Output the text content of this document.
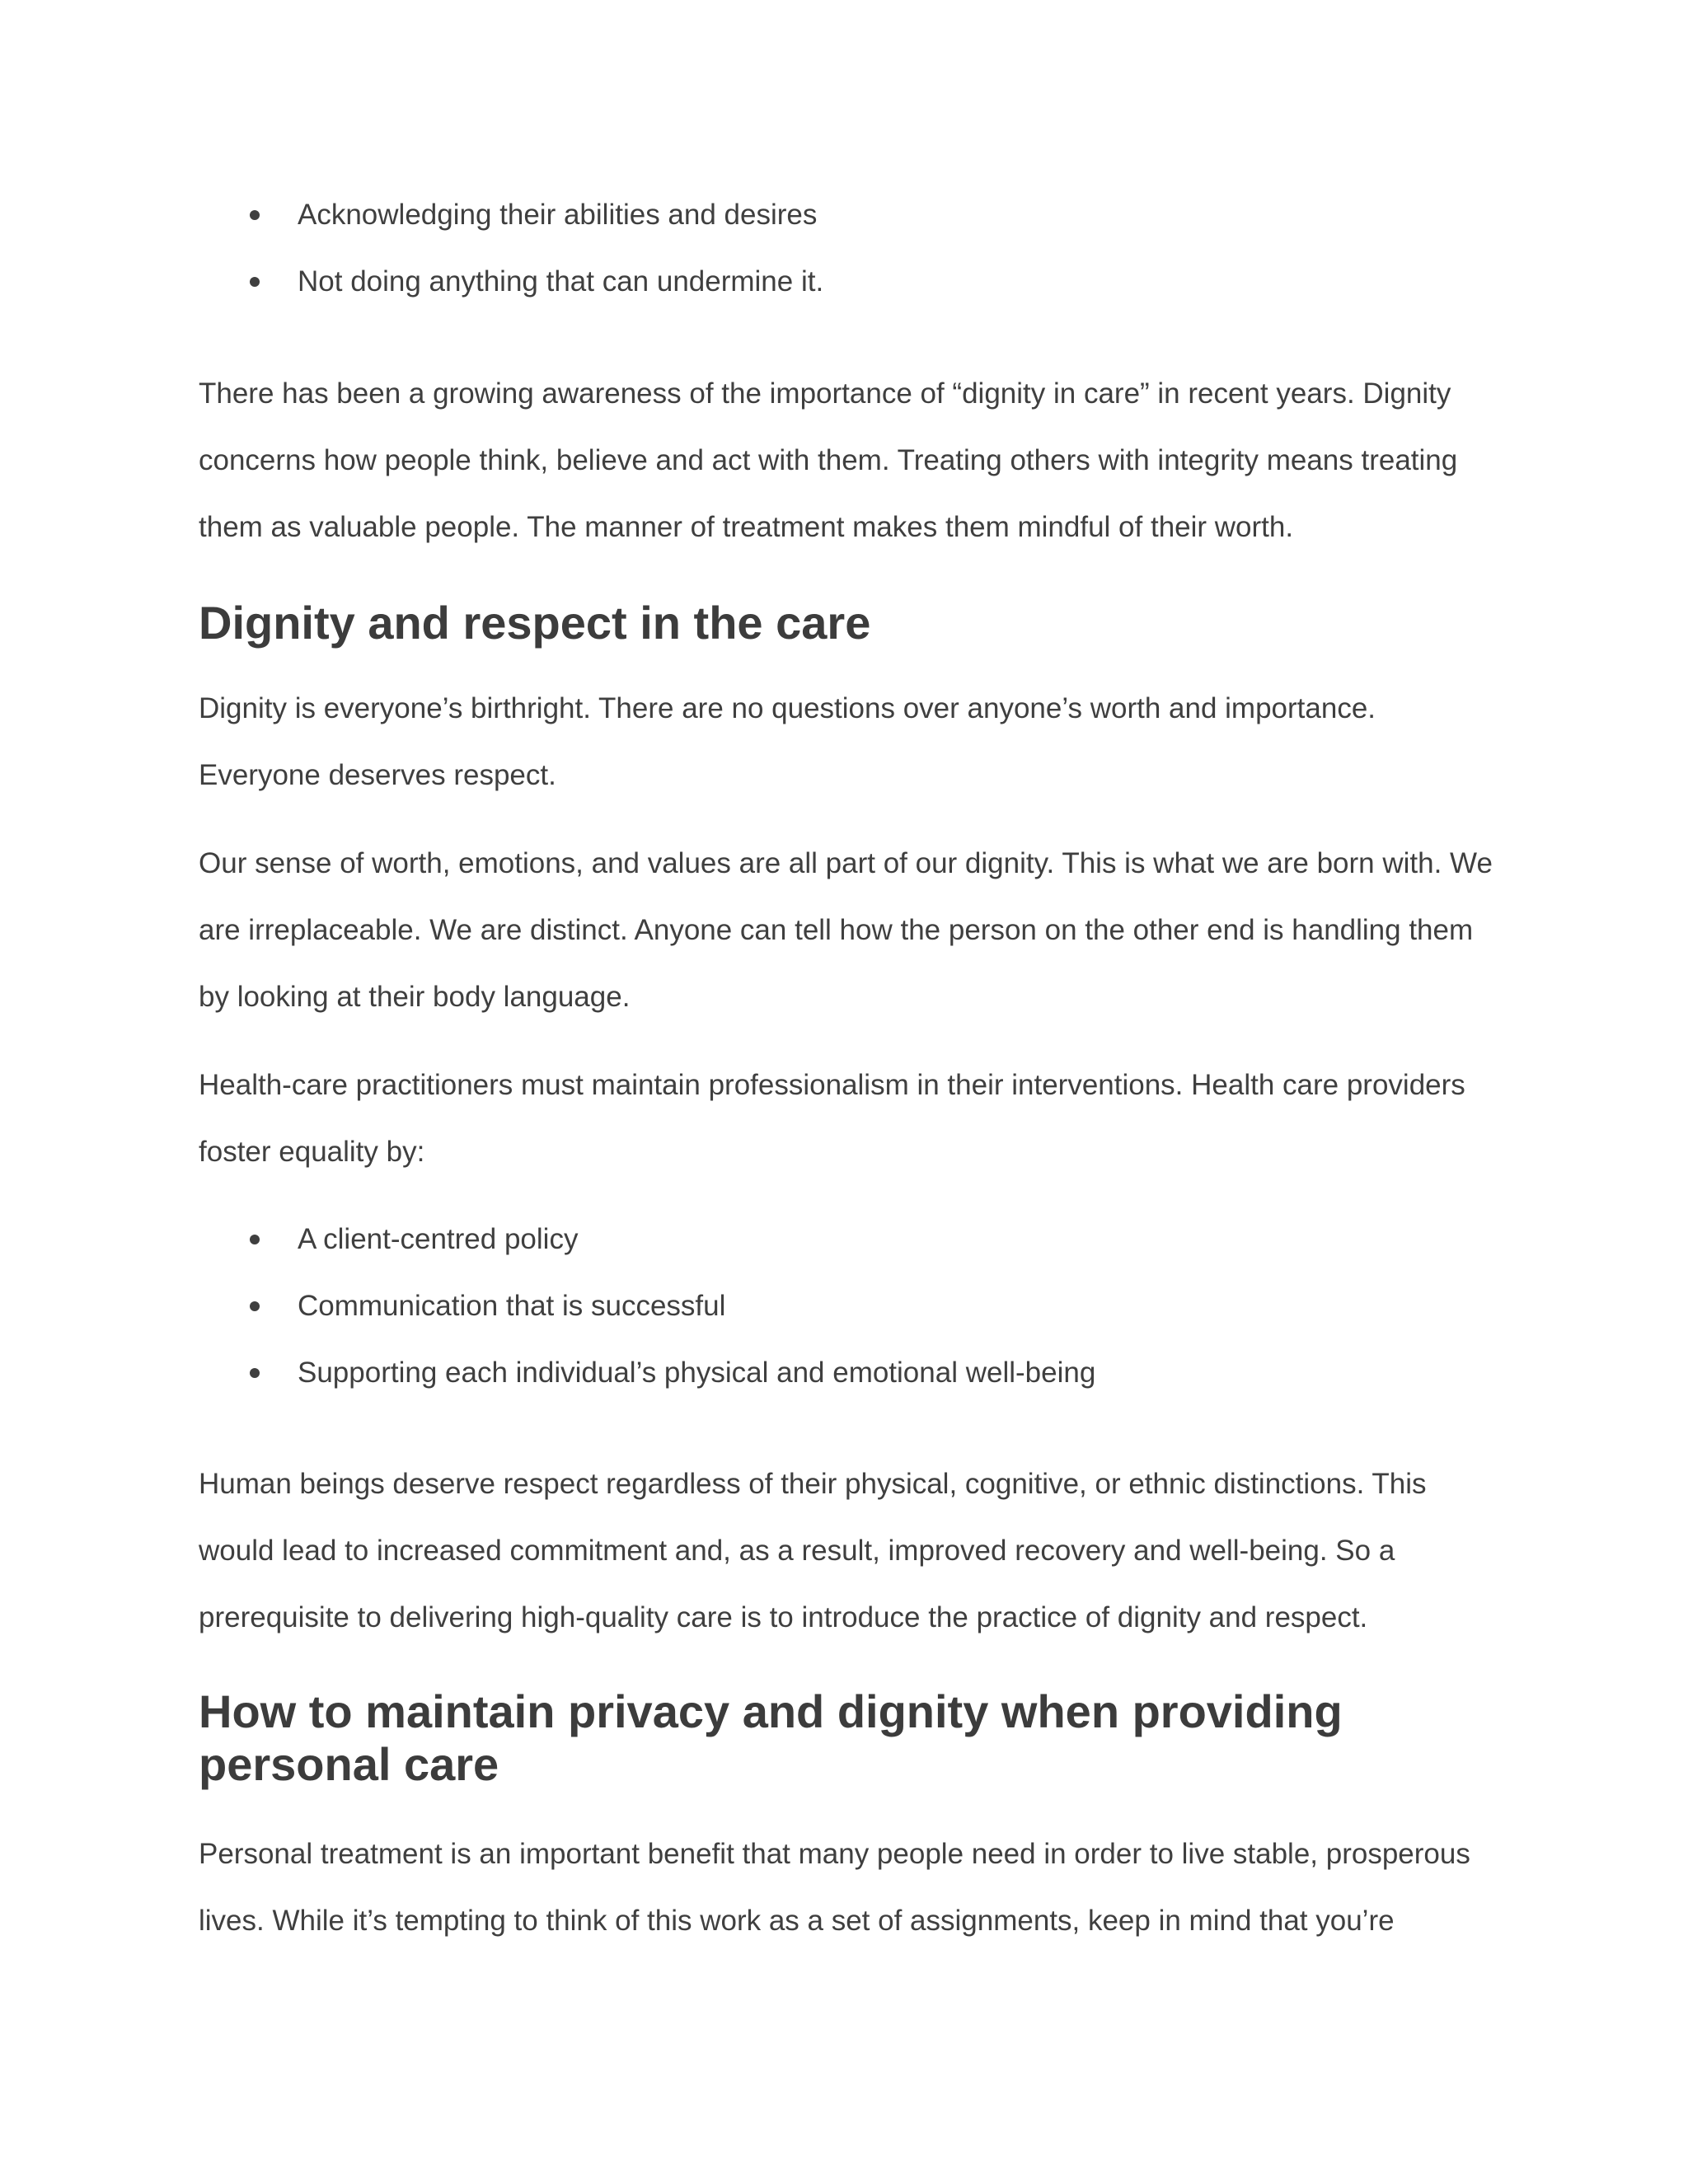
Acknowledging their abilities and desires
Not doing anything that can undermine it.

There has been a growing awareness of the importance of “dignity in care” in recent years. Dignity concerns how people think, believe and act with them. Treating others with integrity means treating them as valuable people. The manner of treatment makes them mindful of their worth.

Dignity and respect in the care

Dignity is everyone’s birthright. There are no questions over anyone’s worth and importance. Everyone deserves respect.

Our sense of worth, emotions, and values are all part of our dignity. This is what we are born with. We are irreplaceable. We are distinct. Anyone can tell how the person on the other end is handling them by looking at their body language.

Health-care practitioners must maintain professionalism in their interventions. Health care providers foster equality by:

A client-centred policy
Communication that is successful
Supporting each individual’s physical and emotional well-being

Human beings deserve respect regardless of their physical, cognitive, or ethnic distinctions. This would lead to increased commitment and, as a result, improved recovery and well-being. So a prerequisite to delivering high-quality care is to introduce the practice of dignity and respect.

How to maintain privacy and dignity when providing personal care

Personal treatment is an important benefit that many people need in order to live stable, prosperous lives. While it’s tempting to think of this work as a set of assignments, keep in mind that you’re
